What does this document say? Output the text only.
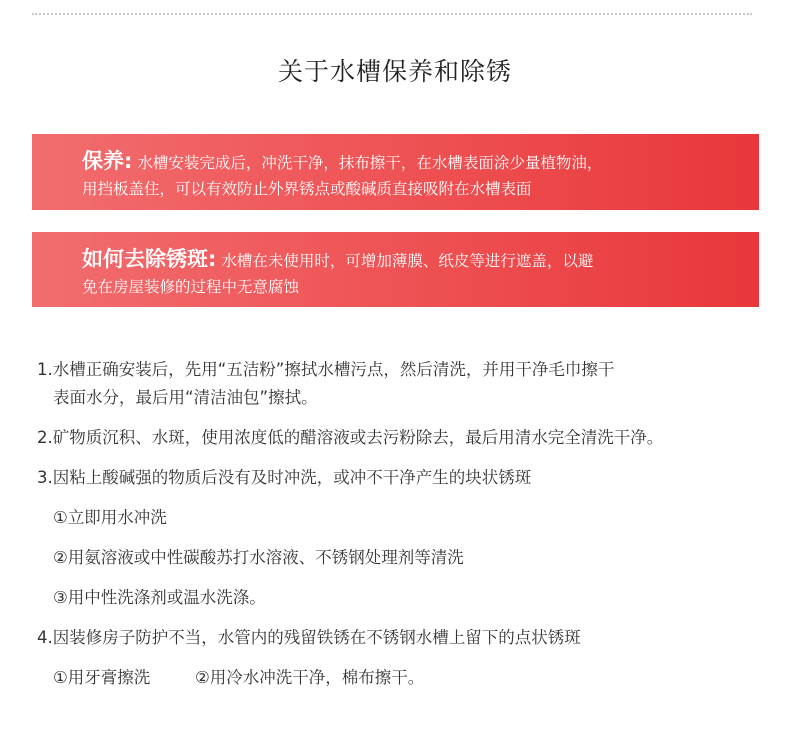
关于水槽保养和除锈
保养: 水槽安装完成后，冲洗干净，抹布擦干，在水槽表面涂少量植物油，
用挡板盖住，可以有效防止外界锈点或酸碱质直接吸附在水槽表面
如何去除锈斑: 水槽在未使用时，可增加薄膜、纸皮等进行遮盖，以避
免在房屋装修的过程中无意腐蚀
1.水槽正确安装后，先用“五洁粉”擦拭水槽污点，然后清洗，并用干净毛巾擦干
表面水分，最后用“清洁油包”擦拭。
2.矿物质沉积、水斑，使用浓度低的醋溶液或去污粉除去，最后用清水完全清洗干净。
3.因粘上酸碱强的物质后没有及时冲洗，或冲不干净产生的块状锈斑
①立即用水冲洗
②用氨溶液或中性碳酸苏打水溶液、不锈钢处理剂等清洗
③用中性洗涤剂或温水洗涤。
4.因装修房子防护不当，水管内的残留铁锈在不锈钢水槽上留下的点状锈斑
①用牙膏擦洗	②用冷水冲洗干净，棉布擦干。
